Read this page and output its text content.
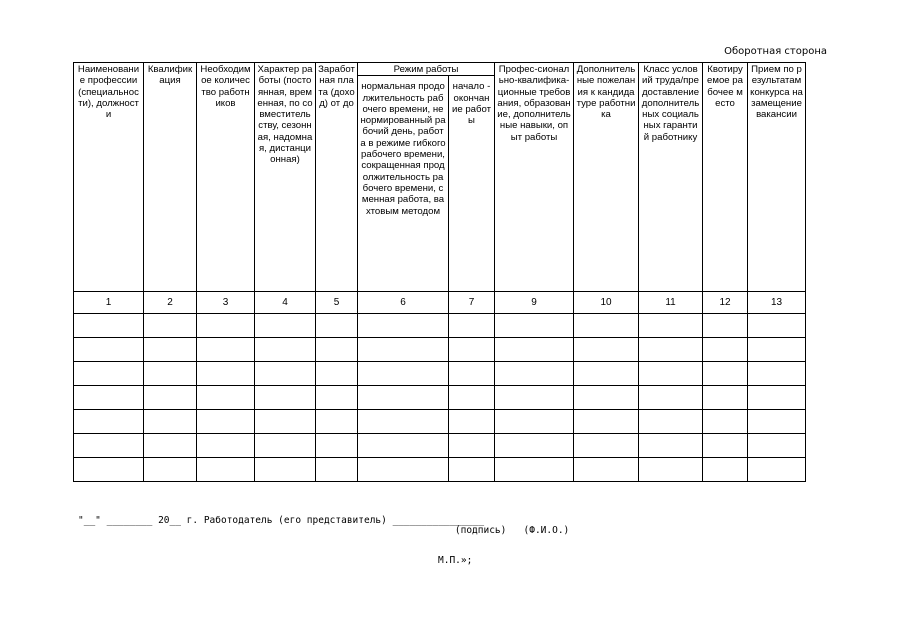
Оборотная сторона
Наименование профессии (специальности), должности	Квалификация	Необходимое количество работников	Характер работы (постоянная, временная, по совместительству, сезонная, надомная, дистанционная)	Заработная плата (доход) от до	Режим работы		Профес-сионально-квалифика-ционные требования, образование, дополнительные навыки, опыт работы	Дополнительные пожелания к кандидатуре работника	Класс условий труда/предоставление дополнительных социальных гарантий работнику	Квотируемое рабочее место	Прием по результатам конкурса на замещение вакансии
					нормальная продолжительность рабочего времени, ненормированный рабочий день, работа в режиме гибкого рабочего времени, сокращенная продолжительность рабочего времени, сменная работа, вахтовым методом	начало - окончание работы					
1	2	3	4	5	6	7	9	10	11	12	13

"__" ________ 20__ г. Работодатель (его представитель) ________________
(подпись)   (Ф.И.О.)
М.П.»;
